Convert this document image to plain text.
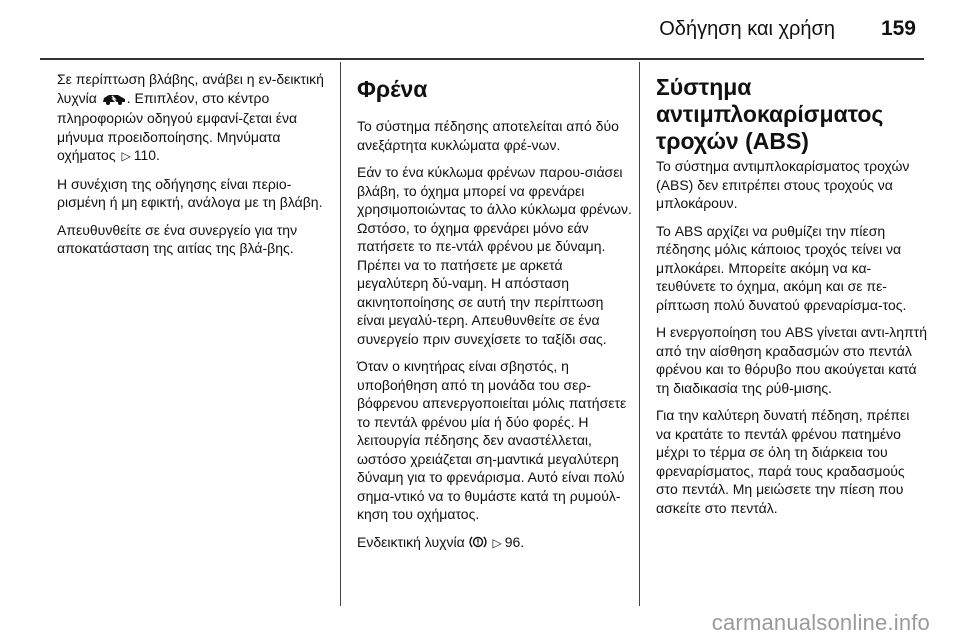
Οδήγηση και χρήση 159

Σε περίπτωση βλάβης, ανάβει η εν-δεικτική λυχνία . Επιπλέον, στο κέντρο πληροφοριών οδηγού εμφανί-ζεται ένα μήνυμα προειδοποίησης. Μηνύματα οχήματος ▷ 110.

Η συνέχιση της οδήγησης είναι περιο-ρισμένη ή μη εφικτή, ανάλογα με τη βλάβη.

Απευθυνθείτε σε ένα συνεργείο για την αποκατάσταση της αιτίας της βλά-βης.

Φρένα

Το σύστημα πέδησης αποτελείται από δύο ανεξάρτητα κυκλώματα φρέ-νων.

Εάν το ένα κύκλωμα φρένων παρου-σιάσει βλάβη, το όχημα μπορεί να φρενάρει χρησιμοποιώντας το άλλο κύκλωμα φρένων. Ωστόσο, το όχημα φρενάρει μόνο εάν πατήσετε το πε-ντάλ φρένου με δύναμη. Πρέπει να το πατήσετε με αρκετά μεγαλύτερη δύ-ναμη. Η απόσταση ακινητοποίησης σε αυτή την περίπτωση είναι μεγαλύ-τερη. Απευθυνθείτε σε ένα συνεργείο πριν συνεχίσετε το ταξίδι σας.

Όταν ο κινητήρας είναι σβηστός, η υποβοήθηση από τη μονάδα του σερ-βόφρενου απενεργοποιείται μόλις πατήσετε το πεντάλ φρένου μία ή δύο φορές. Η λειτουργία πέδησης δεν αναστέλλεται, ωστόσο χρειάζεται ση-μαντικά μεγαλύτερη δύναμη για το φρενάρισμα. Αυτό είναι πολύ σημα-ντικό να το θυμάστε κατά τη ρυμούλ-κηση του οχήματος.

Ενδεικτική λυχνία ▷ 96.

Σύστημα αντιμπλοκαρίσματος τροχών (ABS)

Το σύστημα αντιμπλοκαρίσματος τροχών (ABS) δεν επιτρέπει στους τροχούς να μπλοκάρουν.

Το ABS αρχίζει να ρυθμίζει την πίεση πέδησης μόλις κάποιος τροχός τείνει να μπλοκάρει. Μπορείτε ακόμη να κα-τευθύνετε το όχημα, ακόμη και σε πε-ρίπτωση πολύ δυνατού φρεναρίσμα-τος.

Η ενεργοποίηση του ABS γίνεται αντι-ληπτή από την αίσθηση κραδασμών στο πεντάλ φρένου και το θόρυβο που ακούγεται κατά τη διαδικασία της ρύθ-μισης.

Για την καλύτερη δυνατή πέδηση, πρέπει να κρατάτε το πεντάλ φρένου πατημένο μέχρι το τέρμα σε όλη τη διάρκεια του φρεναρίσματος, παρά τους κραδασμούς στο πεντάλ. Μη μειώσετε την πίεση που ασκείτε στο πεντάλ.

carmanualsonline.info
